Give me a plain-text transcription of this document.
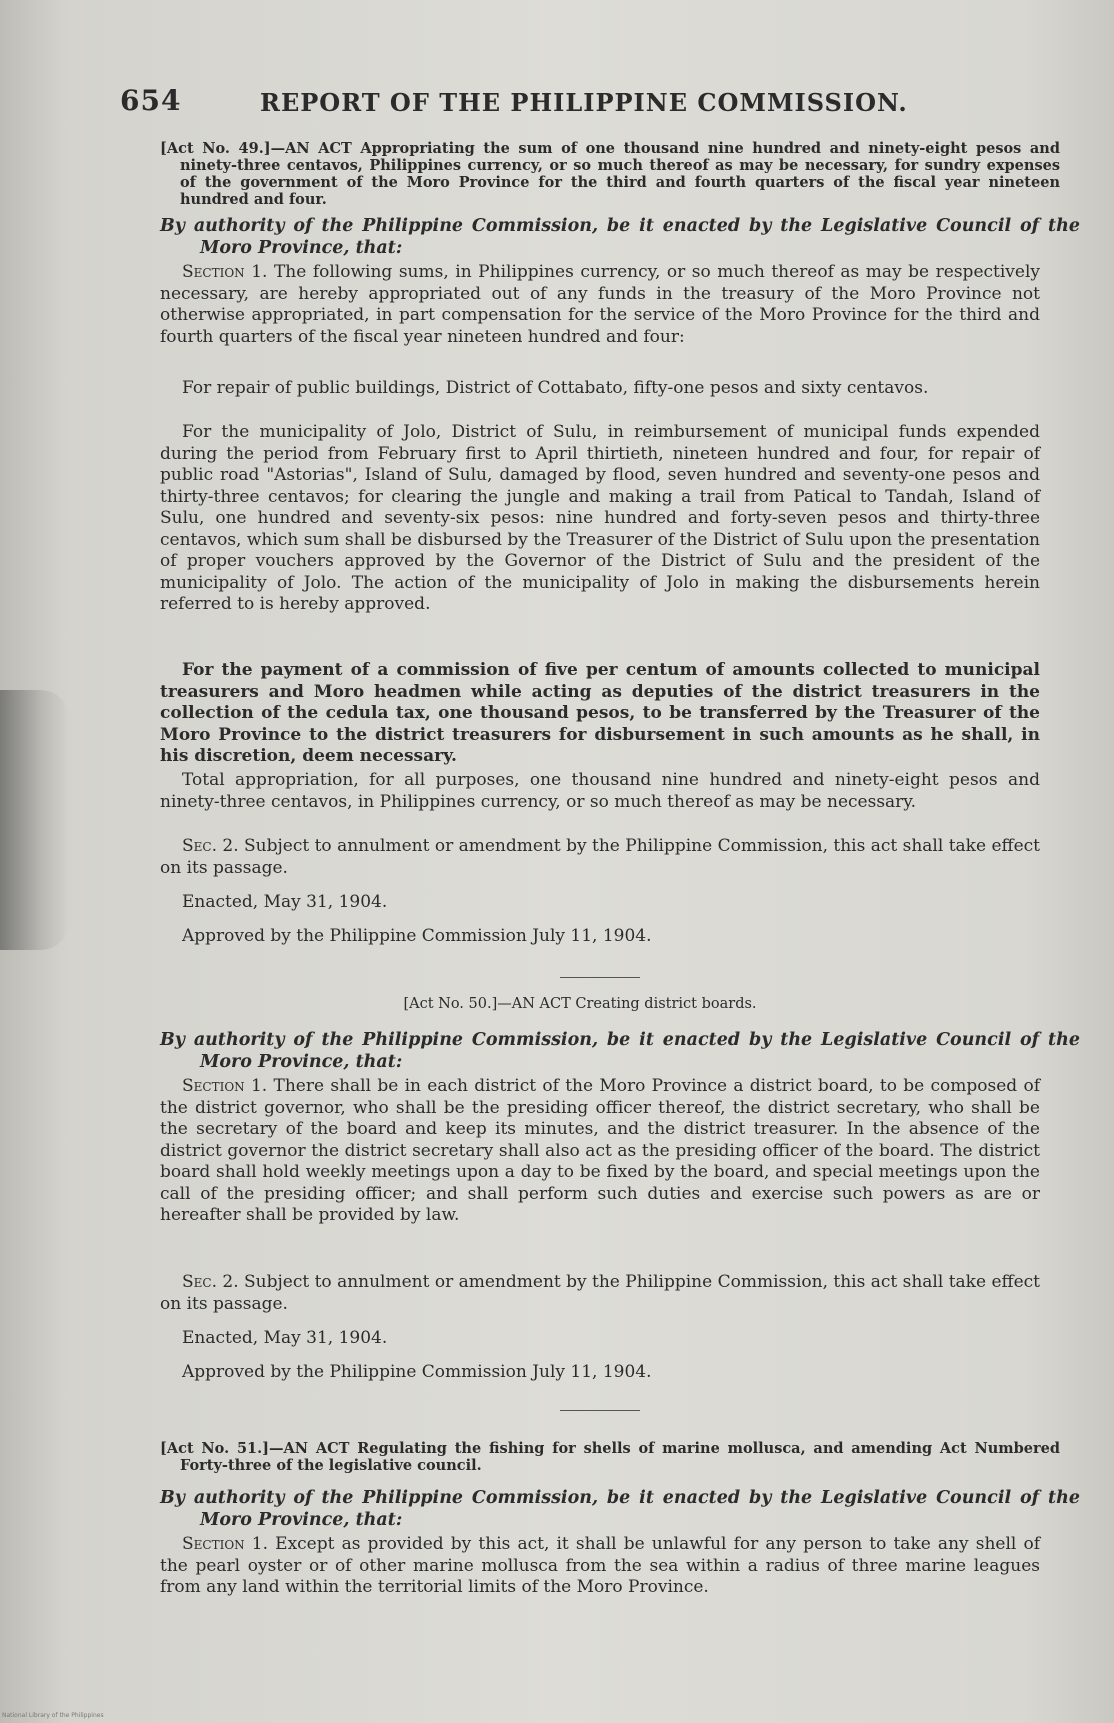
654	REPORT OF THE PHILIPPINE COMMISSION.

[Act No. 49.]—AN ACT Appropriating the sum of one thousand nine hundred and ninety-eight pesos and ninety-three centavos, Philippines currency, or so much thereof as may be necessary, for sundry expenses of the government of the Moro Province for the third and fourth quarters of the fiscal year nineteen hundred and four.

By authority of the Philippine Commission, be it enacted by the Legislative Council of the Moro Province, that:

Section 1. The following sums, in Philippines currency, or so much thereof as may be respectively necessary, are hereby appropriated out of any funds in the treasury of the Moro Province not otherwise appropriated, in part compensation for the service of the Moro Province for the third and fourth quarters of the fiscal year nineteen hundred and four:

For repair of public buildings, District of Cottabato, fifty-one pesos and sixty centavos.

For the municipality of Jolo, District of Sulu, in reimbursement of municipal funds expended during the period from February first to April thirtieth, nineteen hundred and four, for repair of public road "Astorias", Island of Sulu, damaged by flood, seven hundred and seventy-one pesos and thirty-three centavos; for clearing the jungle and making a trail from Patical to Tandah, Island of Sulu, one hundred and seventy-six pesos: nine hundred and forty-seven pesos and thirty-three centavos, which sum shall be disbursed by the Treasurer of the District of Sulu upon the presentation of proper vouchers approved by the Governor of the District of Sulu and the president of the municipality of Jolo. The action of the municipality of Jolo in making the disbursements herein referred to is hereby approved.

For the payment of a commission of five per centum of amounts collected to municipal treasurers and Moro headmen while acting as deputies of the district treasurers in the collection of the cedula tax, one thousand pesos, to be transferred by the Treasurer of the Moro Province to the district treasurers for disbursement in such amounts as he shall, in his discretion, deem necessary.

Total appropriation, for all purposes, one thousand nine hundred and ninety-eight pesos and ninety-three centavos, in Philippines currency, or so much thereof as may be necessary.

Sec. 2. Subject to annulment or amendment by the Philippine Commission, this act shall take effect on its passage.

Enacted, May 31, 1904.

Approved by the Philippine Commission July 11, 1904.

[Act No. 50.]—AN ACT Creating district boards.

By authority of the Philippine Commission, be it enacted by the Legislative Council of the Moro Province, that:

Section 1. There shall be in each district of the Moro Province a district board, to be composed of the district governor, who shall be the presiding officer thereof, the district secretary, who shall be the secretary of the board and keep its minutes, and the district treasurer. In the absence of the district governor the district secretary shall also act as the presiding officer of the board. The district board shall hold weekly meetings upon a day to be fixed by the board, and special meetings upon the call of the presiding officer; and shall perform such duties and exercise such powers as are or hereafter shall be provided by law.

Sec. 2. Subject to annulment or amendment by the Philippine Commission, this act shall take effect on its passage.

Enacted, May 31, 1904.

Approved by the Philippine Commission July 11, 1904.

[Act No. 51.]—AN ACT Regulating the fishing for shells of marine mollusca, and amending Act Numbered Forty-three of the legislative council.

By authority of the Philippine Commission, be it enacted by the Legislative Council of the Moro Province, that:

Section 1. Except as provided by this act, it shall be unlawful for any person to take any shell of the pearl oyster or of other marine mollusca from the sea within a radius of three marine leagues from any land within the territorial limits of the Moro Province.

National Library of the Philippines
